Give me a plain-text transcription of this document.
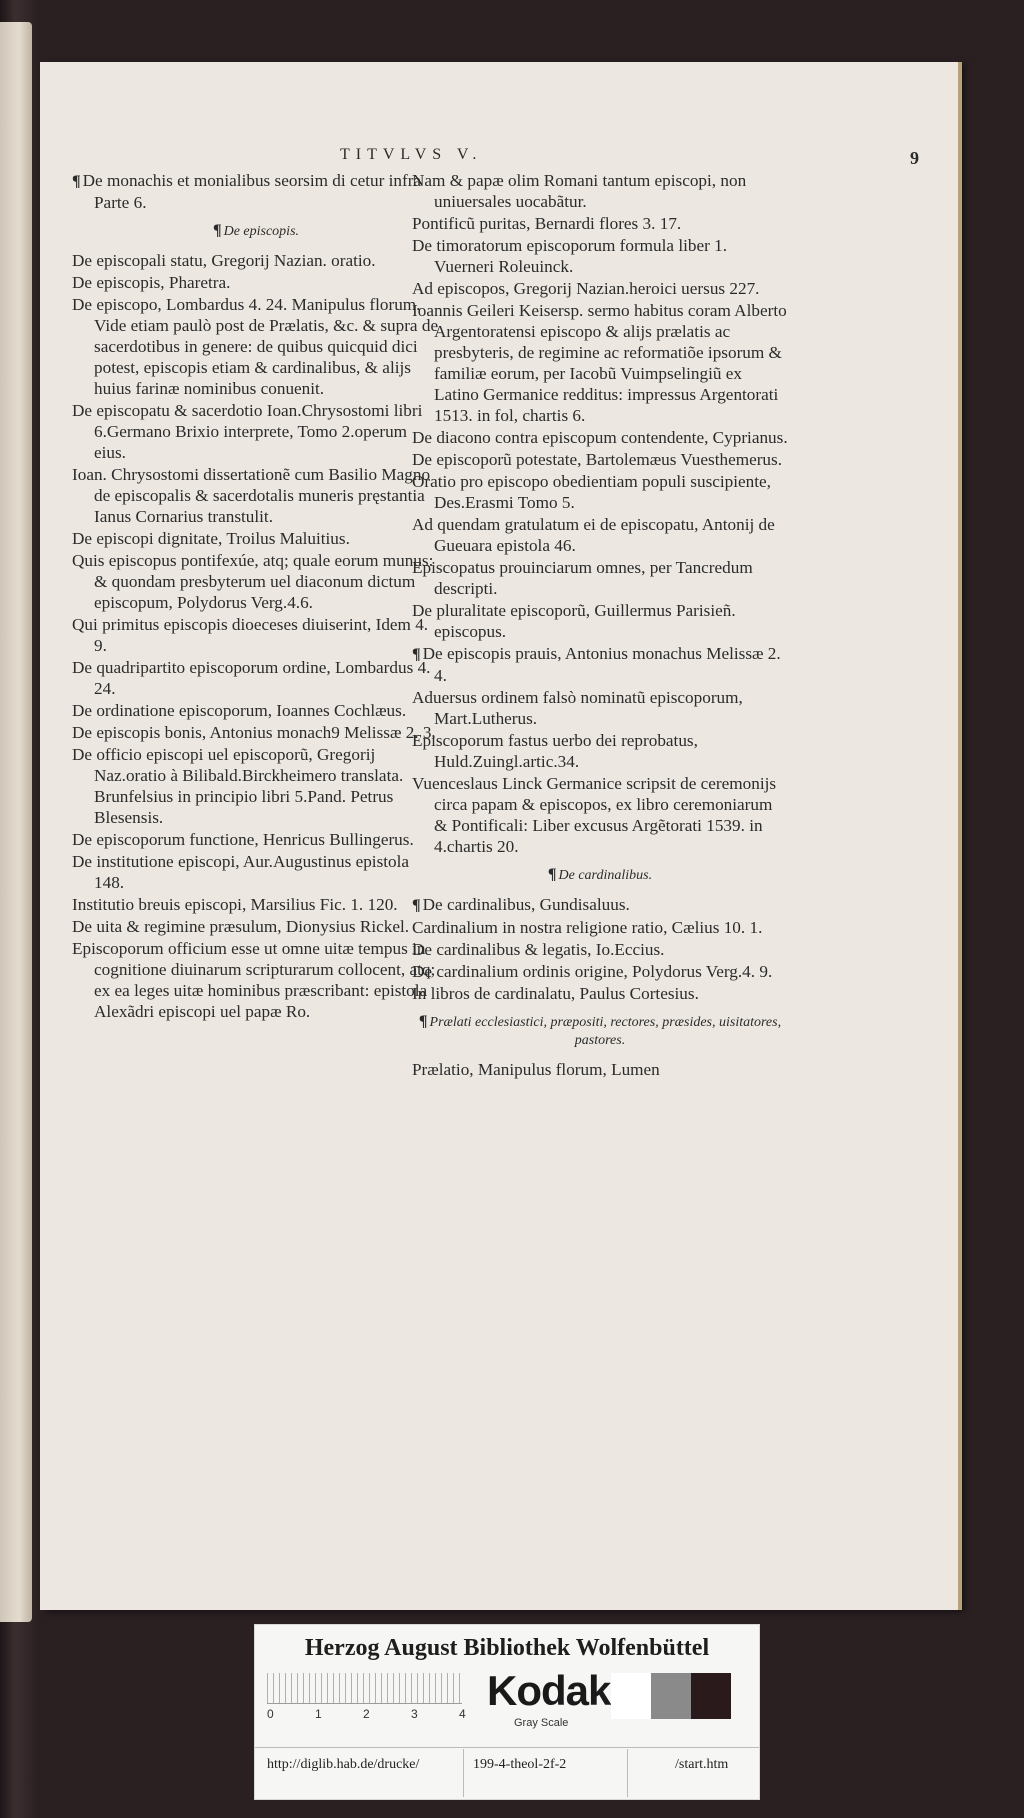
TITVLVS V.	9
¶ De monachis et monialibus seorsim di cetur infra Parte 6.
¶ De episcopis.
De episcopali statu, Gregorij Nazian. oratio.
De episcopis, Pharetra.
De episcopo, Lombardus 4. 24. Manipulus florum. Vide etiam paulò post de Prælatis, &c. & supra de sacerdotibus in genere: de quibus quicquid dici potest, episcopis etiam & cardinalibus, & alijs huius farinæ nominibus conuenit.
De episcopatu & sacerdotio Ioan.Chrysostomi libri 6.Germano Brixio interprete, Tomo 2.operum eius.
Ioan. Chrysostomi dissertationẽ cum Basilio Magno de episcopalis & sacerdotalis muneris pręstantia Ianus Cornarius transtulit.
De episcopi dignitate, Troilus Maluitius.
Quis episcopus pontifexúe, atq; quale eorum munus: & quondam presbyterum uel diaconum dictum episcopum, Polydorus Verg.4.6.
Qui primitus episcopis dioeceses diuiserint, Idem 4. 9.
De quadripartito episcoporum ordine, Lombardus 4. 24.
De ordinatione episcoporum, Ioannes Cochlæus.
De episcopis bonis, Antonius monach9 Melissæ 2. 3.
De officio episcopi uel episcoporũ, Gregorij Naz.oratio à Bilibald.Birckheimero translata. Brunfelsius in principio libri 5.Pand. Petrus Blesensis.
De episcoporum functione, Henricus Bullingerus.
De institutione episcopi, Aur.Augustinus epistola 148.
Institutio breuis episcopi, Marsilius Fic. 1. 120.
De uita & regimine præsulum, Dionysius Rickel.
Episcoporum officium esse ut omne uitæ tempus in cognitione diuinarum scripturarum collocent, atq; ex ea leges uitæ hominibus præscribant: epistola Alexãdri episcopi uel papæ Ro.
Nam & papæ olim Romani tantum episcopi, non uniuersales uocabãtur.
Pontificũ puritas, Bernardi flores 3. 17.
De timoratorum episcoporum formula liber 1. Vuerneri Roleuinck.
Ad episcopos, Gregorij Nazian.heroici uersus 227.
Ioannis Geileri Keisersp. sermo habitus coram Alberto Argentoratensi episcopo & alijs prælatis ac presbyteris, de regimine ac reformatiõe ipsorum & familiæ eorum, per Iacobũ Vuimpselingiũ ex Latino Germanice redditus: impressus Argentorati 1513. in fol, chartis 6.
De diacono contra episcopum contendente, Cyprianus.
De episcoporũ potestate, Bartolemæus Vuesthemerus.
Oratio pro episcopo obedientiam populi suscipiente, Des.Erasmi Tomo 5.
Ad quendam gratulatum ei de episcopatu, Antonij de Gueuara epistola 46.
Episcopatus prouinciarum omnes, per Tancredum descripti.
De pluralitate episcoporũ, Guillermus Parisieñ. episcopus.
¶ De episcopis prauis, Antonius monachus Melissæ 2. 4.
Aduersus ordinem falsò nominatũ episcoporum, Mart.Lutherus.
Episcoporum fastus uerbo dei reprobatus, Huld.Zuingl.artic.34.
Vuenceslaus Linck Germanice scripsit de ceremonijs circa papam & episcopos, ex libro ceremoniarum & Pontificali: Liber excusus Argẽtorati 1539. in 4.chartis 20.
¶ De cardinalibus.
¶ De cardinalibus, Gundisaluus.
Cardinalium in nostra religione ratio, Cælius 10. 1.
De cardinalibus & legatis, Io.Eccius.
De cardinalium ordinis origine, Polydorus Verg.4. 9.
In libros de cardinalatu, Paulus Cortesius.
¶ Prælati ecclesiastici, præpositi, rectores, præsides, uisitatores, pastores.
Prælatio, Manipulus florum, Lumen
Herzog August Bibliothek Wolfenbüttel
0	1	2	3	4 Kodak
Gray Scale
http://diglib.hab.de/drucke/	199-4-theol-2f-2	/start.htm
